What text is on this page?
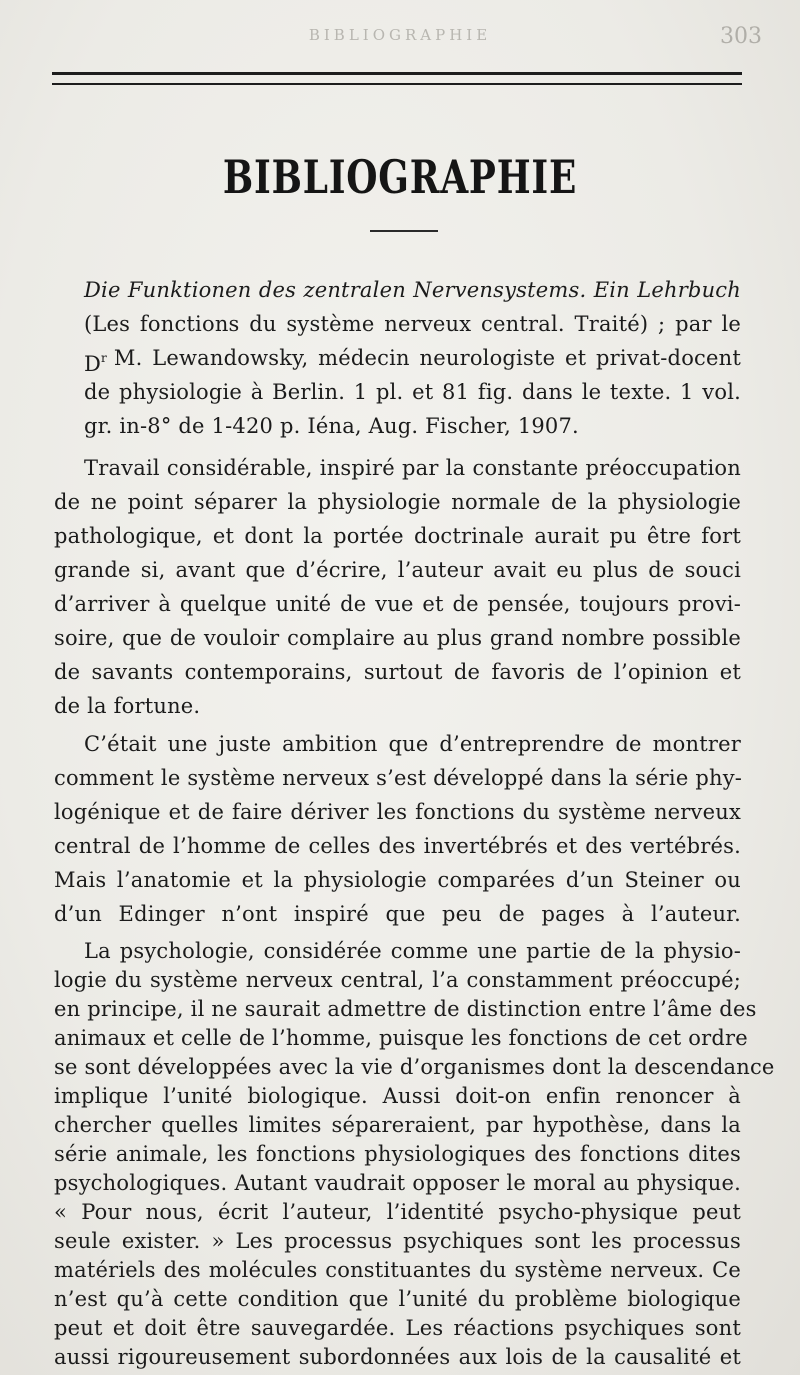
BIBLIOGRAPHIE	303
BIBLIOGRAPHIE
Die Funktionen des zentralen Nervensystems. Ein Lehrbuch
(Les fonctions du système nerveux central. Traité) ; par le
$D^r$ M. Lewandowsky, médecin neurologiste et privat-docent
de physiologie à Berlin. 1 pl. et 81 fig. dans le texte. 1 vol.
gr. in-8° de 1-420 p. Iéna, Aug. Fischer, 1907.
Travail considérable, inspiré par la constante préoccupation
de ne point séparer la physiologie normale de la physiologie
pathologique, et dont la portée doctrinale aurait pu être fort
grande si, avant que d’écrire, l’auteur avait eu plus de souci
d’arriver à quelque unité de vue et de pensée, toujours provi-
soire, que de vouloir complaire au plus grand nombre possible
de savants contemporains, surtout de favoris de l’opinion et
de la fortune.
C’était une juste ambition que d’entreprendre de montrer
comment le système nerveux s’est développé dans la série phy-
logénique et de faire dériver les fonctions du système nerveux
central de l’homme de celles des invertébrés et des vertébrés.
Mais l’anatomie et la physiologie comparées d’un Steiner ou
d’un Edinger n’ont inspiré que peu de pages à l’auteur.
La psychologie, considérée comme une partie de la physio-
logie du système nerveux central, l’a constamment préoccupé;
en principe, il ne saurait admettre de distinction entre l’âme des
animaux et celle de l’homme, puisque les fonctions de cet ordre
se sont développées avec la vie d’organismes dont la descendance
implique l’unité biologique. Aussi doit-on enfin renoncer à
chercher quelles limites sépareraient, par hypothèse, dans la
série animale, les fonctions physiologiques des fonctions dites
psychologiques. Autant vaudrait opposer le moral au physique.
« Pour nous, écrit l’auteur, l’identité psycho-physique peut
seule exister. » Les processus psychiques sont les processus
matériels des molécules constituantes du système nerveux. Ce
n’est qu’à cette condition que l’unité du problème biologique
peut et doit être sauvegardée. Les réactions psychiques sont
aussi rigoureusement subordonnées aux lois de la causalité et
